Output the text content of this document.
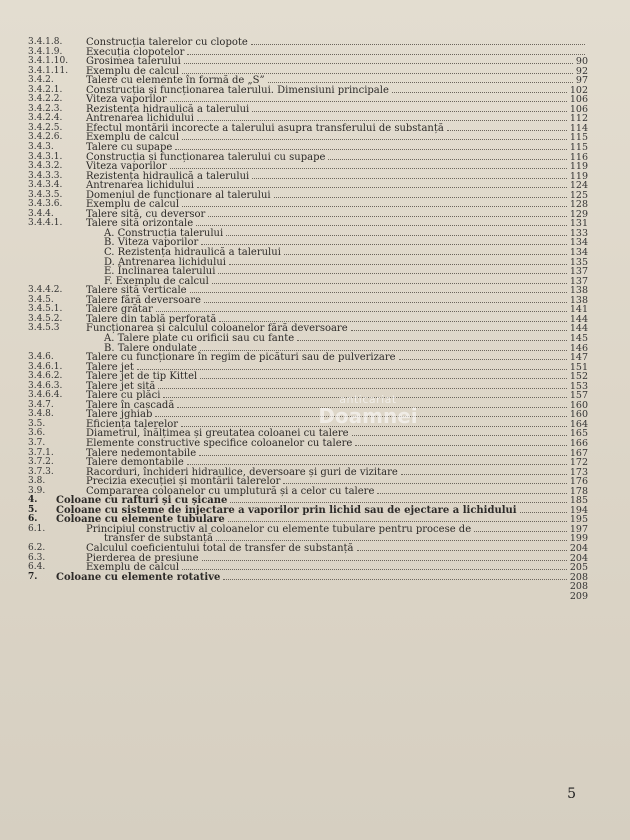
3.4.1.8.	Construcția talerelor cu clopote
3.4.1.9.	Execuția clopotelor
3.4.1.10.	Grosimea talerului	90
3.4.1.11.	Exemplu de calcul	92
3.4.2.	Talere cu elemente în formă de „S”	97
3.4.2.1.	Construcția și funcționarea talerului. Dimensiuni principale	102
3.4.2.2.	Viteza vaporilor	106
3.4.2.3.	Rezistența hidraulică a talerului	106
3.4.2.4.	Antrenarea lichidului	112
3.4.2.5.	Efectul montării incorecte a talerului asupra transferului de substanță	114
3.4.2.6.	Exemplu de calcul	115
3.4.3.	Talere cu supape	115
3.4.3.1.	Construcția și funcționarea talerului cu supape	116
3.4.3.2.	Viteza vaporilor	119
3.4.3.3.	Rezistența hidraulică a talerului	119
3.4.3.4.	Antrenarea lichidului	124
3.4.3.5.	Domeniul de funcționare al talerului	125
3.4.3.6.	Exemplu de calcul	128
3.4.4.	Talere sită, cu deversor	129
3.4.4.1.	Talere sită orizontale	131
A. Construcția talerului	133
B. Viteza vaporilor	134
C. Rezistența hidraulică a talerului	134
D. Antrenarea lichidului	135
E. Înclinarea talerului	137
F. Exemplu de calcul	137
3.4.4.2.	Talere sită verticale	138
3.4.5.	Talere fără deversoare	138
3.4.5.1.	Talere grătar	141
3.4.5.2.	Talere din tablă perforată	144
3.4.5.3	Funcționarea și calculul coloanelor fără deversoare	144
A. Talere plate cu orificii sau cu fante	145
B. Talere ondulate	146
3.4.6.	Talere cu funcționare în regim de picături sau de pulverizare	147
3.4.6.1.	Talere jet	151
3.4.6.2.	Talere jet de tip Kittel	152
3.4.6.3.	Talere jet sită	153
3.4.6.4.	Talere cu plăci	157
3.4.7.	Talere în cascadă	160
3.4.8.	Talere jghiab	160
3.5.	Eficiența talerelor	164
3.6.	Diametrul, înălțimea și greutatea coloanei cu talere	165
3.7.	Elemente constructive specifice coloanelor cu talere	166
3.7.1.	Talere nedemontabile	167
3.7.2.	Talere demontabile	172
3.7.3.	Racorduri, închideri hidraulice, deversoare și guri de vizitare	173
3.8.	Precizia execuției și montării talerelor	176
3.9.	Compararea coloanelor cu umplutură și a celor cu talere	178
4.	Coloane cu rafturi și cu șicane	185
5.	Coloane cu sisteme de injectare a vaporilor prin lichid sau de ejectare a lichidului	194
6.	Coloane cu elemente tubulare	195
6.1.	Principiul constructiv al coloanelor cu elemente tubulare pentru procese de	197
transfer de substanță	199
6.2.	Calculul coeficientului total de transfer de substanță	204
6.3.	Pierderea de presiune	204
6.4.	Exemplu de calcul	205
7.	Coloane cu elemente rotative	208
208
209
anticariat
Doamnei
5
